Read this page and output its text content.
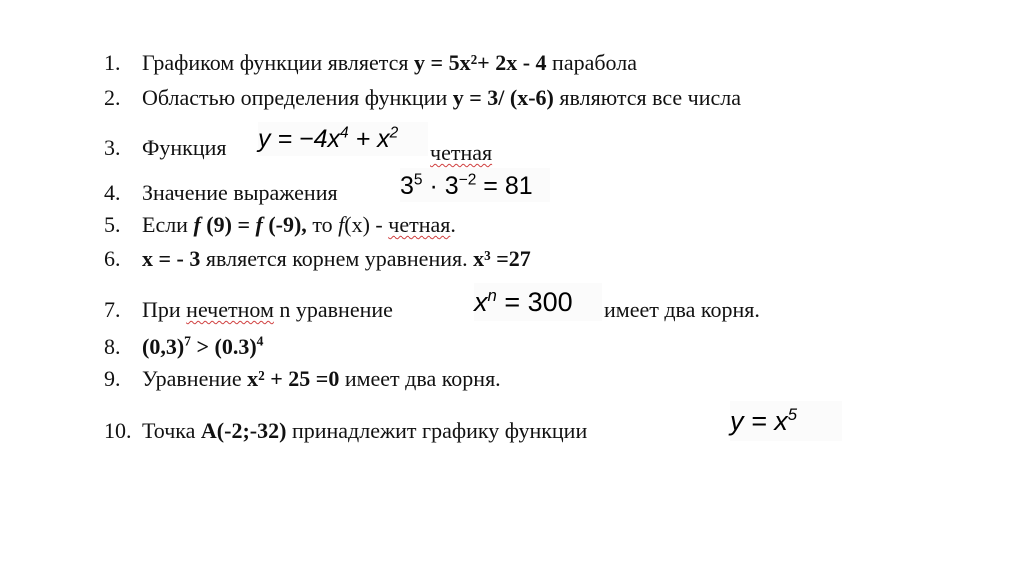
1. Графиком функции является y = 5x²+ 2x - 4 парабола
2. Областью определения функции y = 3/ (x-6) являются все числа
3. Функция $y = -4x^4 + x^2$
четная
4. Значение выражения $3^5 \cdot 3^{-2} = 81$
5. Если f (9) = f (-9), то f(x) - четная.
6. x = - 3 является корнем уравнения. x³ =27
7. При нечетном n уравнение	$x^n = 300$	имеет два корня.
8. $(0,3)^7 > (0.3)^4$
9. Уравнение x² + 25 =0 имеет два корня.
10. Точка А(-2;-32) принадлежит графику функции	$y = x^5$
